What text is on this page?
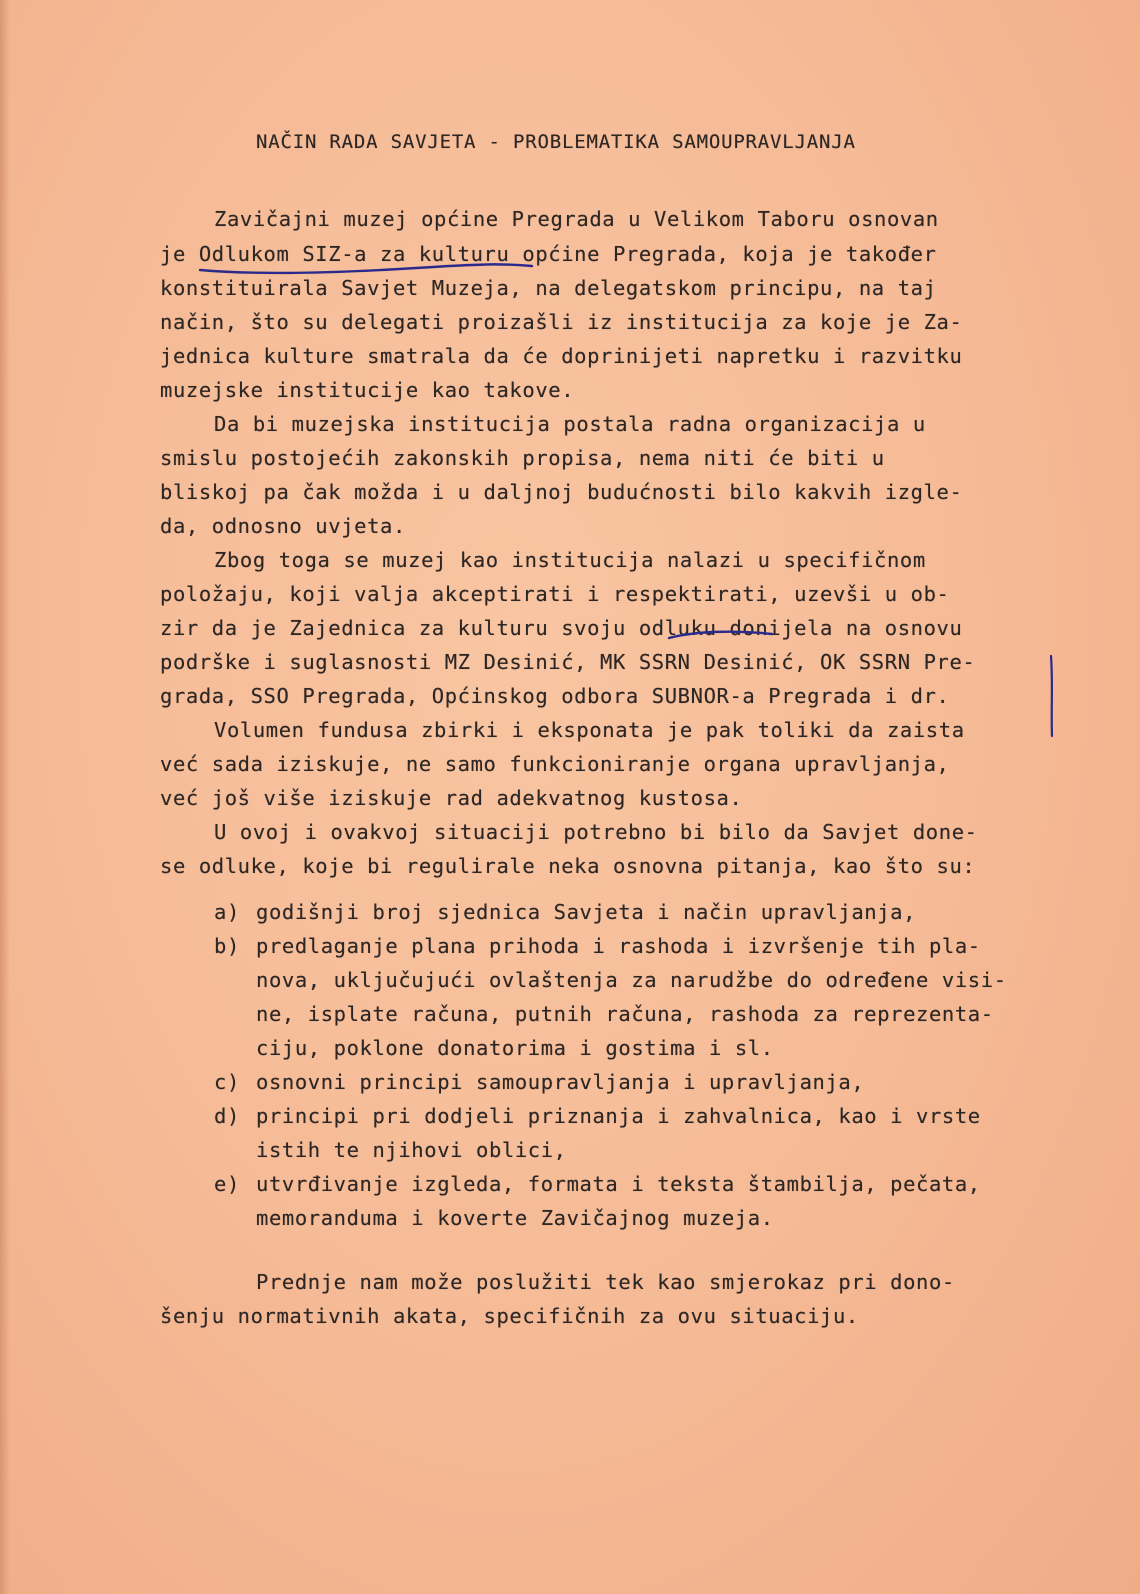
NAČIN RADA SAVJETA - PROBLEMATIKA SAMOUPRAVLJANJA

Zavičajni muzej općine Pregrada u Velikom Taboru osnovan

je Odlukom SIZ-a za kulturu općine Pregrada, koja je također

konstituirala Savjet Muzeja, na delegatskom principu, na taj

način, što su delegati proizašli iz institucija za koje je Za-

jednica kulture smatrala da će doprinijeti napretku i razvitku

muzejske institucije kao takove.

Da bi muzejska institucija postala radna organizacija u

smislu postojećih zakonskih propisa, nema niti će biti u

bliskoj pa čak možda i u daljnoj budućnosti bilo kakvih izgle-

da, odnosno uvjeta.

Zbog toga se muzej kao institucija nalazi u specifičnom

položaju, koji valja akceptirati i respektirati, uzevši u ob-

zir da je Zajednica za kulturu svoju odluku donijela na osnovu

podrške i suglasnosti MZ Desinić, MK SSRN Desinić, OK SSRN Pre-

grada, SSO Pregrada, Općinskog odbora SUBNOR-a Pregrada i dr.

Volumen fundusa zbirki i eksponata je pak toliki da zaista

već sada iziskuje, ne samo funkcioniranje organa upravljanja,

već još više iziskuje rad adekvatnog kustosa.

U ovoj i ovakvoj situaciji potrebno bi bilo da Savjet done-

se odluke, koje bi regulirale neka osnovna pitanja, kao što su:

a) godišnji broj sjednica Savjeta i način upravljanja,

b) predlaganje plana prihoda i rashoda i izvršenje tih pla-

novа, uključujući ovlaštenja za narudžbe do određene visi-

ne, isplate računa, putnih računa, rashoda za reprezenta-

ciju, poklone donatorima i gostima i sl.

c) osnovni principi samoupravljanja i upravljanja,

d) principi pri dodjeli priznanja i zahvalnica, kao i vrste

istih te njihovi oblici,

e) utvrđivanje izgleda, formata i teksta štambilja, pečata,

memoranduma i koverte Zavičajnog muzeja.

Prednje nam može poslužiti tek kao smjerokaz pri dono-

šenju normativnih akata, specifičnih za ovu situaciju.
